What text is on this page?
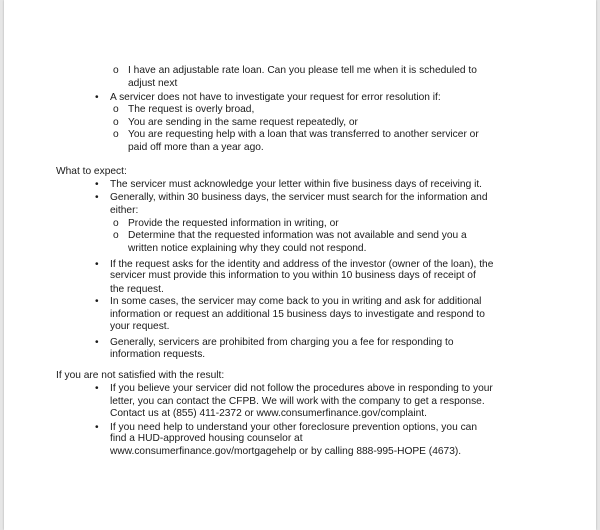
o I have an adjustable rate loan. Can you please tell me when it is scheduled to
adjust next
• A servicer does not have to investigate your request for error resolution if:
o The request is overly broad,
o You are sending in the same request repeatedly, or
o You are requesting help with a loan that was transferred to another servicer or
paid off more than a year ago.
What to expect:
• The servicer must acknowledge your letter within five business days of receiving it.
• Generally, within 30 business days, the servicer must search for the information and
either:
o Provide the requested information in writing, or
o Determine that the requested information was not available and send you a
written notice explaining why they could not respond.
• If the request asks for the identity and address of the investor (owner of the loan), the
servicer must provide this information to you within 10 business days of receipt of
the request.
• In some cases, the servicer may come back to you in writing and ask for additional
information or request an additional 15 business days to investigate and respond to
your request.
• Generally, servicers are prohibited from charging you a fee for responding to
information requests.
If you are not satisfied with the result:
• If you believe your servicer did not follow the procedures above in responding to your
letter, you can contact the CFPB. We will work with the company to get a response.
Contact us at (855) 411-2372 or www.consumerfinance.gov/complaint.
• If you need help to understand your other foreclosure prevention options, you can
find a HUD-approved housing counselor at
www.consumerfinance.gov/mortgagehelp or by calling 888-995-HOPE (4673).
